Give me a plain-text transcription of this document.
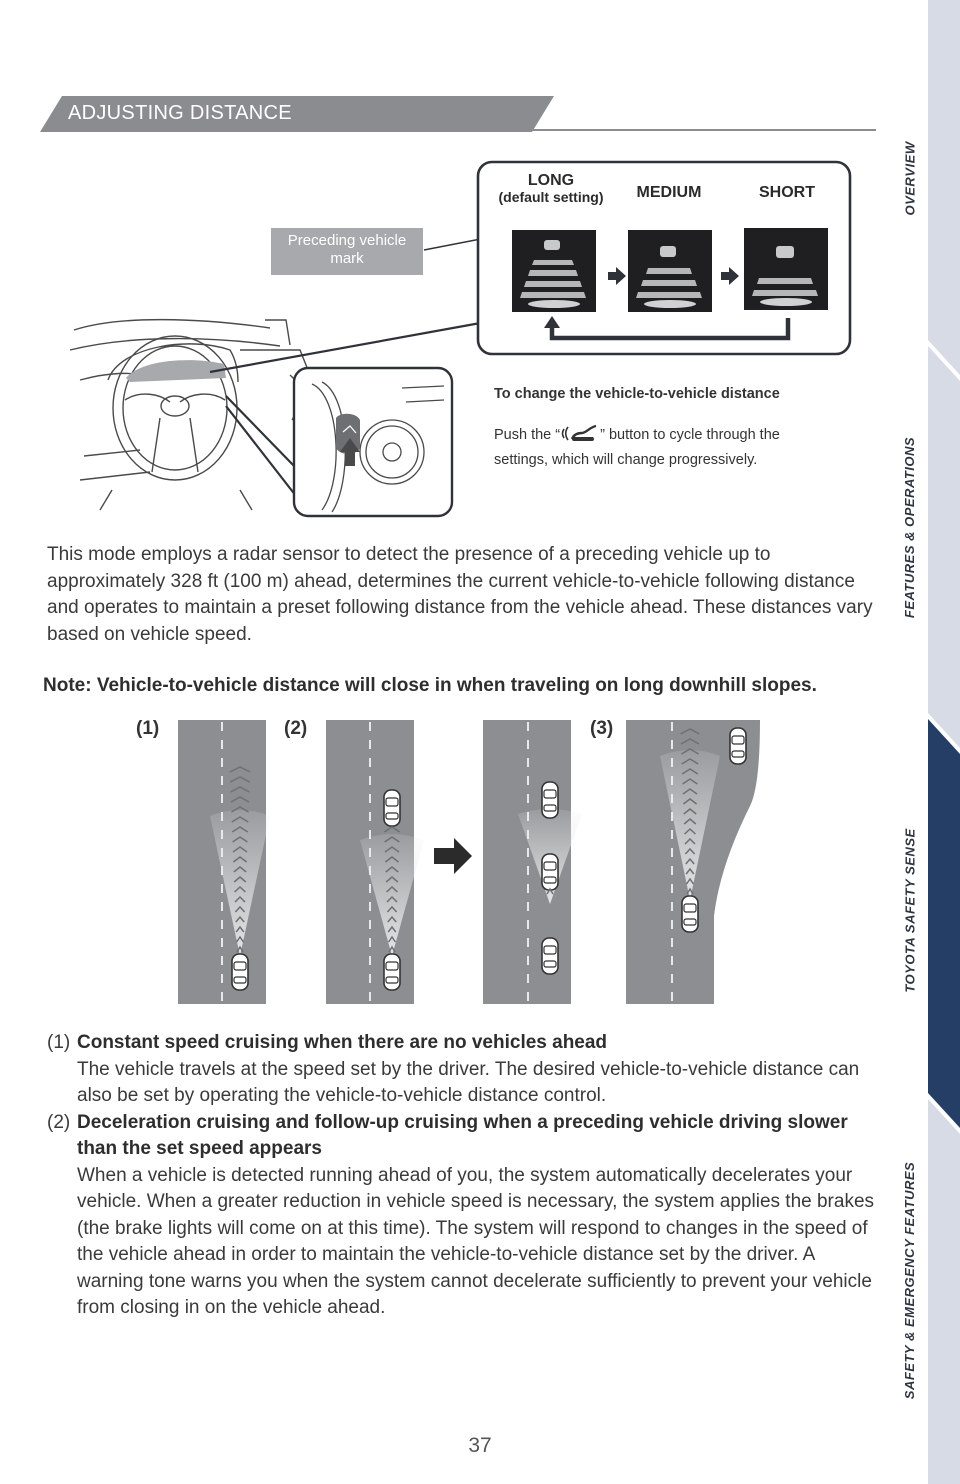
OVERVIEW
FEATURES & OPERATIONS
TOYOTA SAFETY SENSE
SAFETY & EMERGENCY FEATURES
ADJUSTING DISTANCE
LONG
(default setting)	MEDIUM	SHORT
Preceding vehicle mark
To change the vehicle-to-vehicle distance
Push the “	” button to cycle through the settings, which will change progressively.
This mode employs a radar sensor to detect the presence of a preceding vehicle up to approximately 328 ft (100 m) ahead, determines the current vehicle-to-vehicle following distance and operates to maintain a preset following distance from the vehicle ahead. These distances vary based on vehicle speed.
Note: Vehicle-to-vehicle distance will close in when traveling on long downhill slopes.
(1)	(2)	(3)
(1) Constant speed cruising when there are no vehicles ahead
The vehicle travels at the speed set by the driver. The desired vehicle-to-vehicle distance can also be set by operating the vehicle-to-vehicle distance control.
(2) Deceleration cruising and follow-up cruising when a preceding vehicle driving slower than the set speed appears
When a vehicle is detected running ahead of you, the system automatically decelerates your vehicle. When a greater reduction in vehicle speed is necessary, the system applies the brakes (the brake lights will come on at this time). The system will respond to changes in the speed of the vehicle ahead in order to maintain the vehicle-to-vehicle distance set by the driver. A warning tone warns you when the system cannot decelerate sufficiently to prevent your vehicle from closing in on the vehicle ahead.
37
